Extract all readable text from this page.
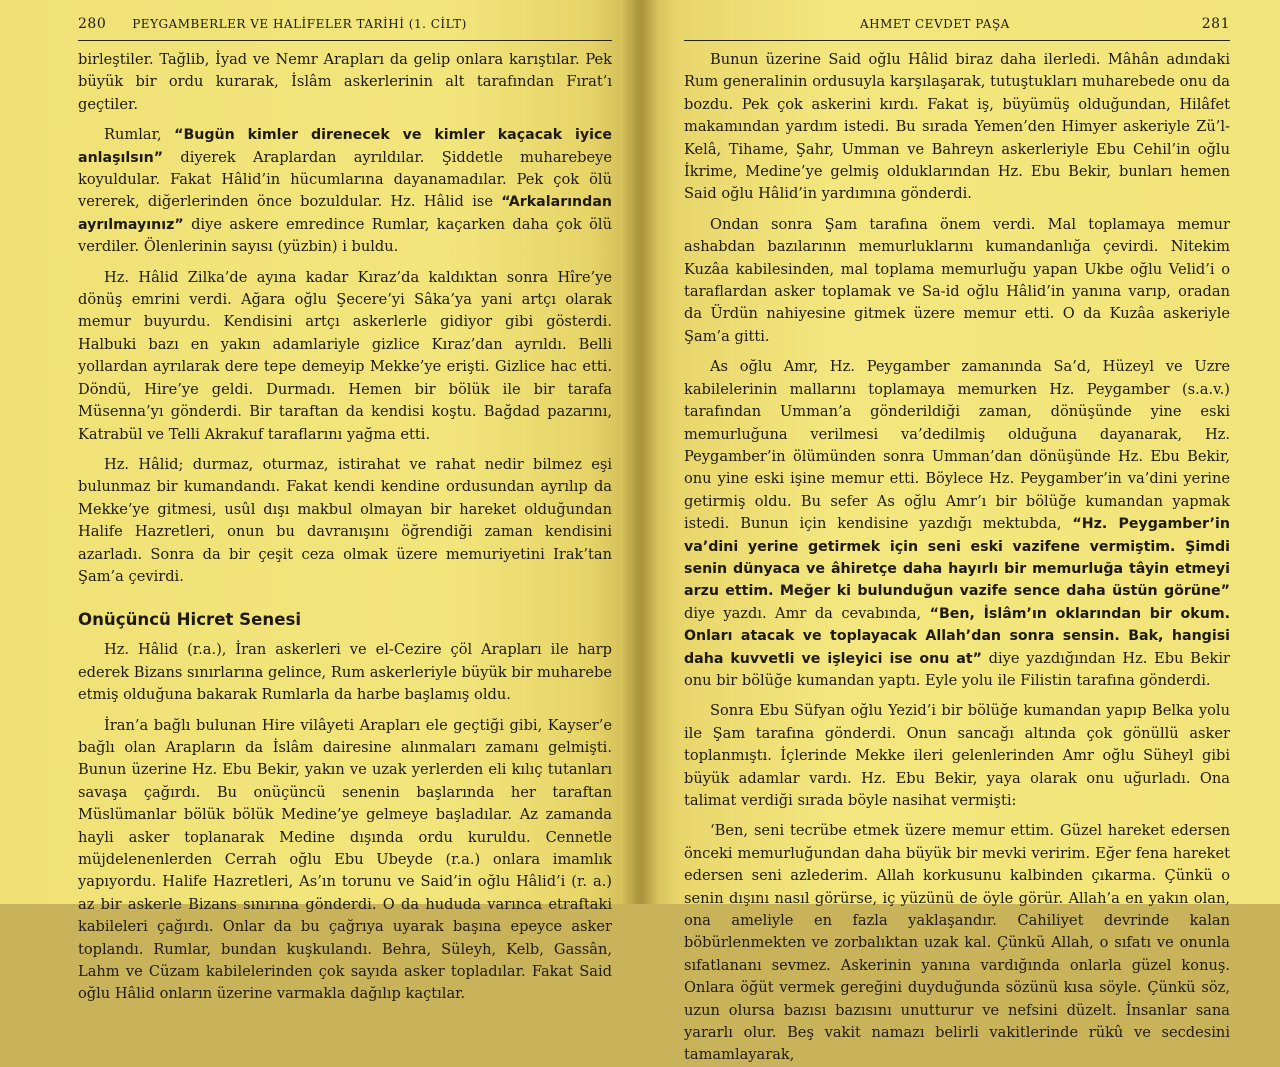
280 PEYGAMBERLER VE HALİFELER TARİHİ (1. CİLT)

birleştiler. Tağlib, İyad ve Nemr Arapları da gelip onlara karıştılar. Pek büyük bir ordu kurarak, İslâm askerlerinin alt tarafından Fırat’ı geçtiler.

Rumlar, “Bugün kimler direnecek ve kimler kaçacak iyice anlaşılsın” diyerek Araplardan ayrıldılar. Şiddetle muharebeye koyuldular. Fakat Hâlid’in hücumlarına dayanamadılar. Pek çok ölü vererek, diğerlerinden önce bozuldular. Hz. Hâlid ise “Arkalarından ayrılmayınız” diye askere emredince Rumlar, kaçarken daha çok ölü verdiler. Ölenlerinin sayısı (yüzbin) i buldu.

Hz. Hâlid Zilka’de ayına kadar Kıraz’da kaldıktan sonra Hîre’ye dönüş emrini verdi. Ağara oğlu Şecere’yi Sâka’ya yani artçı olarak memur buyurdu. Kendisini artçı askerlerle gidiyor gibi gösterdi. Halbuki bazı en yakın adamlariyle gizlice Kıraz’dan ayrıldı. Belli yollardan ayrılarak dere tepe demeyip Mekke’ye erişti. Gizlice hac etti. Döndü, Hire’ye geldi. Durmadı. Hemen bir bölük ile bir tarafa Müsenna’yı gönderdi. Bir taraftan da kendisi koştu. Bağdad pazarını, Katrabül ve Telli Akrakuf taraflarını yağma etti.

Hz. Hâlid; durmaz, oturmaz, istirahat ve rahat nedir bilmez eşi bulunmaz bir kumandandı. Fakat kendi kendine ordusundan ayrılıp da Mekke’ye gitmesi, usûl dışı makbul olmayan bir hareket olduğundan Halife Hazretleri, onun bu davranışını öğrendiği zaman kendisini azarladı. Sonra da bir çeşit ceza olmak üzere memuriyetini Irak’tan Şam’a çevirdi.

Onüçüncü Hicret Senesi

Hz. Hâlid (r.a.), İran askerleri ve el-Cezire çöl Arapları ile harp ederek Bizans sınırlarına gelince, Rum askerleriyle büyük bir muharebe etmiş olduğuna bakarak Rumlarla da harbe başlamış oldu.

İran’a bağlı bulunan Hire vilâyeti Arapları ele geçtiği gibi, Kayser’e bağlı olan Arapların da İslâm dairesine alınmaları zamanı gelmişti. Bunun üzerine Hz. Ebu Bekir, yakın ve uzak yerlerden eli kılıç tutanları savaşa çağırdı. Bu onüçüncü senenin başlarında her taraftan Müslümanlar bölük bölük Medine’ye gelmeye başladılar. Az zamanda hayli asker toplanarak Medine dışında ordu kuruldu. Cennetle müjdelenenlerden Cerrah oğlu Ebu Ubeyde (r.a.) onlara imamlık yapıyordu. Halife Hazretleri, As’ın torunu ve Said’in oğlu Hâlid’i (r. a.) az bir askerle Bizans sınırına gönderdi. O da hududa varınca etraftaki kabileleri çağırdı. Onlar da bu çağrıya uyarak başına epeyce asker toplandı. Rumlar, bundan kuşkulandı. Behra, Süleyh, Kelb, Gassân, Lahm ve Cüzam kabilelerinden çok sayıda asker topladılar. Fakat Said oğlu Hâlid onların üzerine varmakla dağılıp kaçtılar.

AHMET CEVDET PAŞA	281

Bunun üzerine Said oğlu Hâlid biraz daha ilerledi. Mâhân adındaki Rum generalinin ordusuyla karşılaşarak, tutuştukları muharebede onu da bozdu. Pek çok askerini kırdı. Fakat iş, büyümüş olduğundan, Hilâfet makamından yardım istedi. Bu sırada Yemen’den Himyer askeriyle Zü’l-Kelâ, Tihame, Şahr, Umman ve Bahreyn askerleriyle Ebu Cehil’in oğlu İkrime, Medine’ye gelmiş olduklarından Hz. Ebu Bekir, bunları hemen Said oğlu Hâlid’in yardımına gönderdi.

Ondan sonra Şam tarafına önem verdi. Mal toplamaya memur ashabdan bazılarının memurluklarını kumandanlığa çevirdi. Nitekim Kuzâa kabilesinden, mal toplama memurluğu yapan Ukbe oğlu Velid’i o taraflardan asker toplamak ve Sa-id oğlu Hâlid’in yanına varıp, oradan da Ürdün nahiyesine gitmek üzere memur etti. O da Kuzâa askeriyle Şam’a gitti.

As oğlu Amr, Hz. Peygamber zamanında Sa’d, Hüzeyl ve Uzre kabilelerinin mallarını toplamaya memurken Hz. Peygamber (s.a.v.) tarafından Umman’a gönderildiği zaman, dönüşünde yine eski memurluğuna verilmesi va’dedilmiş olduğuna dayanarak, Hz. Peygamber’in ölümünden sonra Umman’dan dönüşünde Hz. Ebu Bekir, onu yine eski işine memur etti. Böylece Hz. Peygamber’in va’dini yerine getirmiş oldu. Bu sefer As oğlu Amr’ı bir bölüğe kumandan yapmak istedi. Bunun için kendisine yazdığı mektubda, “Hz. Peygamber’in va’dini yerine getirmek için seni eski vazifene vermiştim. Şimdi senin dünyaca ve âhiretçe daha hayırlı bir memurluğa tâyin etmeyi arzu ettim. Meğer ki bulunduğun vazife sence daha üstün görüne” diye yazdı. Amr da cevabında, “Ben, İslâm’ın oklarından bir okum. Onları atacak ve toplayacak Allah’dan sonra sensin. Bak, hangisi daha kuvvetli ve işleyici ise onu at” diye yazdığından Hz. Ebu Bekir onu bir bölüğe kumandan yaptı. Eyle yolu ile Filistin tarafına gönderdi.

Sonra Ebu Süfyan oğlu Yezid’i bir bölüğe kumandan yapıp Belka yolu ile Şam tarafına gönderdi. Onun sancağı altında çok gönüllü asker toplanmıştı. İçlerinde Mekke ileri gelenlerinden Amr oğlu Süheyl gibi büyük adamlar vardı. Hz. Ebu Bekir, yaya olarak onu uğurladı. Ona talimat verdiği sırada böyle nasihat vermişti:

‘Ben, seni tecrübe etmek üzere memur ettim. Güzel hareket edersen önceki memurluğundan daha büyük bir mevki veririm. Eğer fena hareket edersen seni azlederim. Allah korkusunu kalbinden çıkarma. Çünkü o senin dışını nasıl görürse, iç yüzünü de öyle görür. Allah’a en yakın olan, ona ameliyle en fazla yaklaşandır. Cahiliyet devrinde kalan böbürlenmekten ve zorbalıktan uzak kal. Çünkü Allah, o sıfatı ve onunla sıfatlananı sevmez. Askerinin yanına vardığında onlarla güzel konuş. Onlara öğüt vermek gereğini duyduğunda sözünü kısa söyle. Çünkü söz, uzun olursa bazısı bazısını unutturur ve nefsini düzelt. İnsanlar sana yararlı olur. Beş vakit namazı belirli vakitlerinde rükû ve secdesini tamamlayarak,
